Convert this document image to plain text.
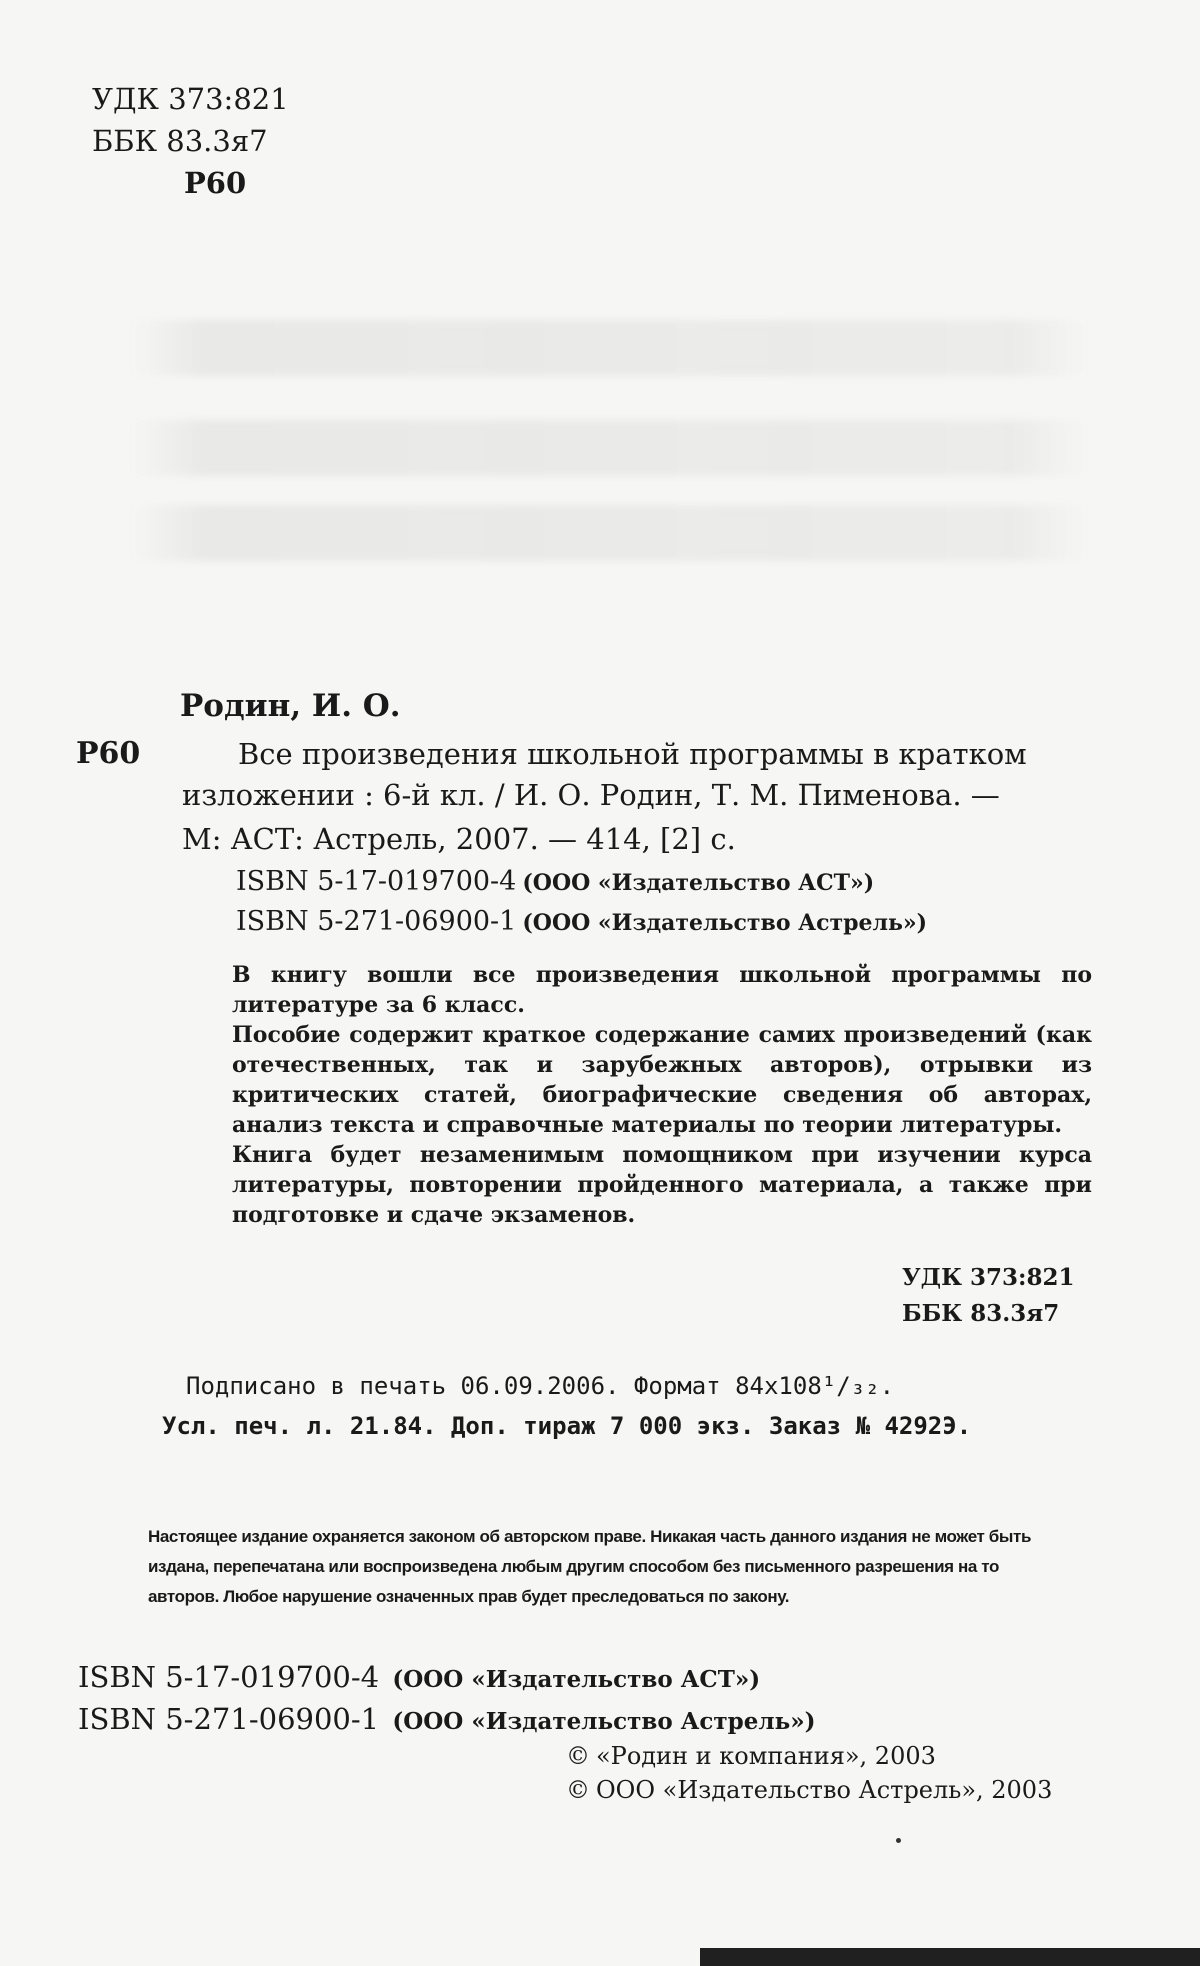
УДК 373:821
ББК 83.3я7
Р60
Родин, И. О.
Р60	Все произведения школьной программы в кратком
изложении : 6-й кл. / И. О. Родин, Т. М. Пименова. —
М: АСТ: Астрель, 2007. — 414, [2] с.
ISBN 5-17-019700-4 (ООО «Издательство АСТ»)
ISBN 5-271-06900-1 (ООО «Издательство Астрель»)

В книгу вошли все произведения школьной программы по литературе за 6 класс.

Пособие содержит краткое содержание самих произведений (как отечественных, так и зарубежных авторов), отрывки из критических статей, биографические сведения об авторах, анализ текста и справочные материалы по теории литературы.

Книга будет незаменимым помощником при изучении курса литературы, повторении пройденного материала, а также при подготовке и сдаче экзаменов.

УДК 373:821
ББК 83.3я7
Подписано в печать 06.09.2006. Формат 84x108¹/₃₂.
Усл. печ. л. 21.84. Доп. тираж 7 000 экз. Заказ № 4292Э.
Настоящее издание охраняется законом об авторском праве. Никакая часть данного издания не может быть издана, перепечатана или воспроизведена любым другим способом без письменного разрешения на то авторов. Любое нарушение означенных прав будет преследоваться по закону.
ISBN 5-17-019700-4 (ООО «Издательство АСТ»)
ISBN 5-271-06900-1 (ООО «Издательство Астрель»)
© «Родин и компания», 2003
© ООО «Издательство Астрель», 2003
